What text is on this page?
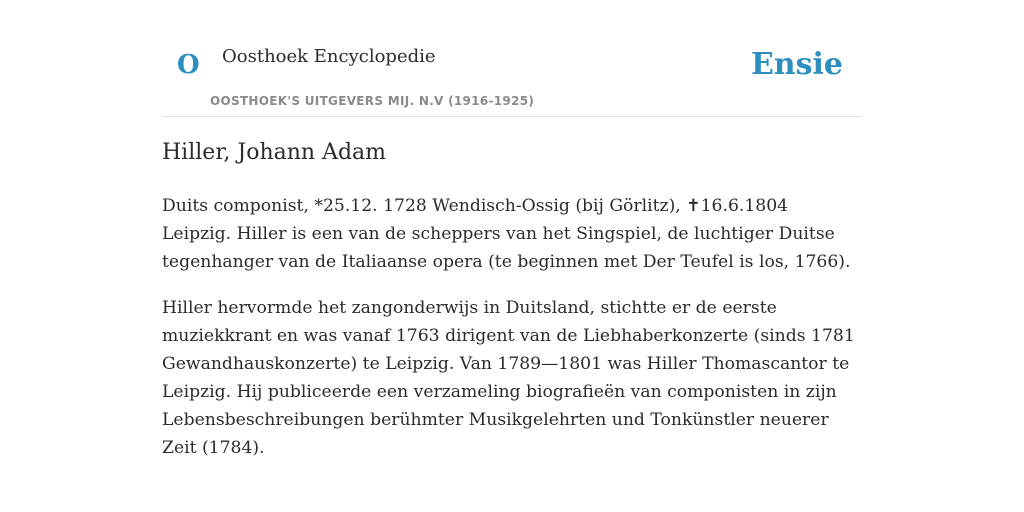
O Oosthoek Encyclopedie
OOSTHOEK'S UITGEVERS MIJ. N.V (1916-1925)
Ensie
Hiller, Johann Adam

Duits componist, *25.12. 1728 Wendisch-Ossig (bij Görlitz), ✝16.6.1804 Leipzig. Hiller is een van de scheppers van het Singspiel, de luchtiger Duitse tegenhanger van de Italiaanse opera (te beginnen met Der Teufel is los, 1766).

Hiller hervormde het zangonderwijs in Duitsland, stichtte er de eerste muziekkrant en was vanaf 1763 dirigent van de Liebhaberkonzerte (sinds 1781 Gewandhauskonzerte) te Leipzig. Van 1789—1801 was Hiller Thomascantor te Leipzig. Hij publiceerde een verzameling biografieën van componisten in zijn Lebensbeschreibungen berühmter Musikgelehrten und Tonkünstler neuerer Zeit (1784).
